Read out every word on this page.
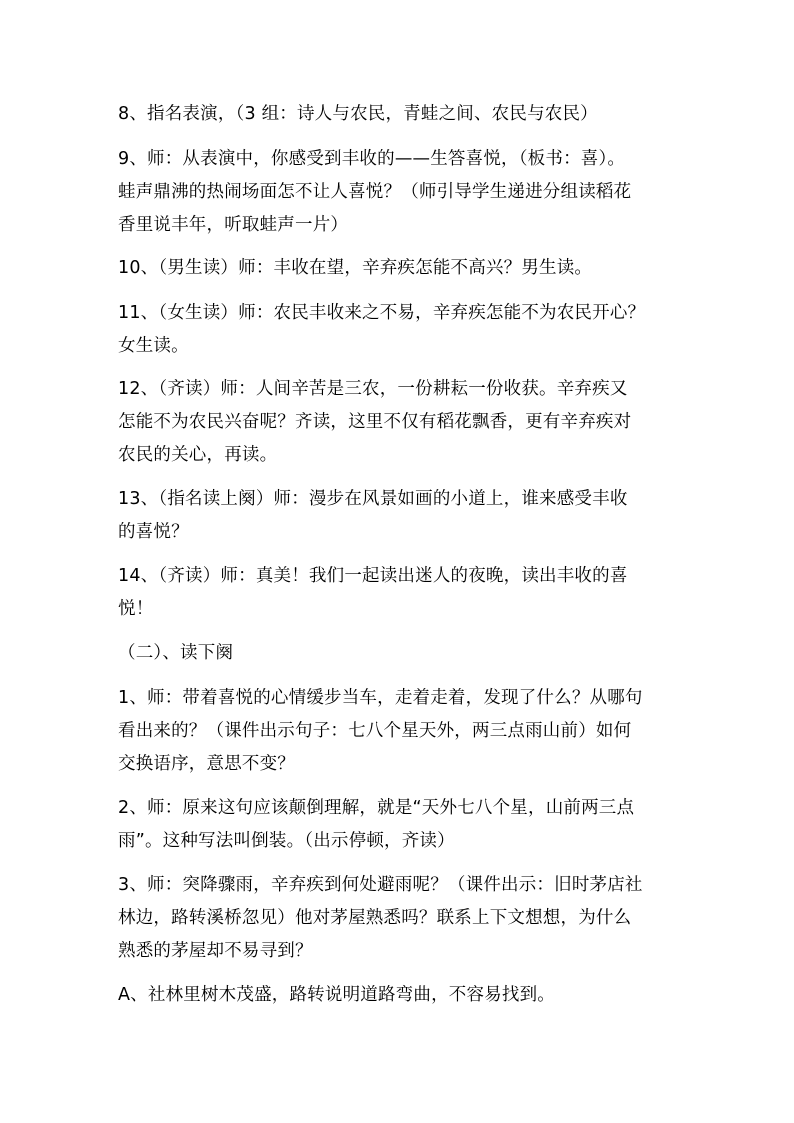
8、指名表演，（3 组：诗人与农民，青蛙之间、农民与农民）

9、师：从表演中，你感受到丰收的——生答喜悦，（板书：喜）。
蛙声鼎沸的热闹场面怎不让人喜悦？（师引导学生递进分组读稻花
香里说丰年，听取蛙声一片）

10、（男生读）师：丰收在望，辛弃疾怎能不高兴？男生读。

11、（女生读）师：农民丰收来之不易，辛弃疾怎能不为农民开心？
女生读。

12、（齐读）师：人间辛苦是三农，一份耕耘一份收获。辛弃疾又
怎能不为农民兴奋呢？齐读，这里不仅有稻花飘香，更有辛弃疾对
农民的关心，再读。

13、（指名读上阕）师：漫步在风景如画的小道上，谁来感受丰收
的喜悦？

14、（齐读）师：真美！我们一起读出迷人的夜晚，读出丰收的喜
悦！

（二）、读下阕

1、师：带着喜悦的心情缓步当车，走着走着，发现了什么？从哪句
看出来的？（课件出示句子：七八个星天外，两三点雨山前）如何
交换语序，意思不变？

2、师：原来这句应该颠倒理解，就是“天外七八个星，山前两三点
雨”。这种写法叫倒装。（出示停顿，齐读）

3、师：突降骤雨，辛弃疾到何处避雨呢？（课件出示：旧时茅店社
林边，路转溪桥忽见）他对茅屋熟悉吗？联系上下文想想，为什么
熟悉的茅屋却不易寻到？

A、社林里树木茂盛，路转说明道路弯曲，不容易找到。
